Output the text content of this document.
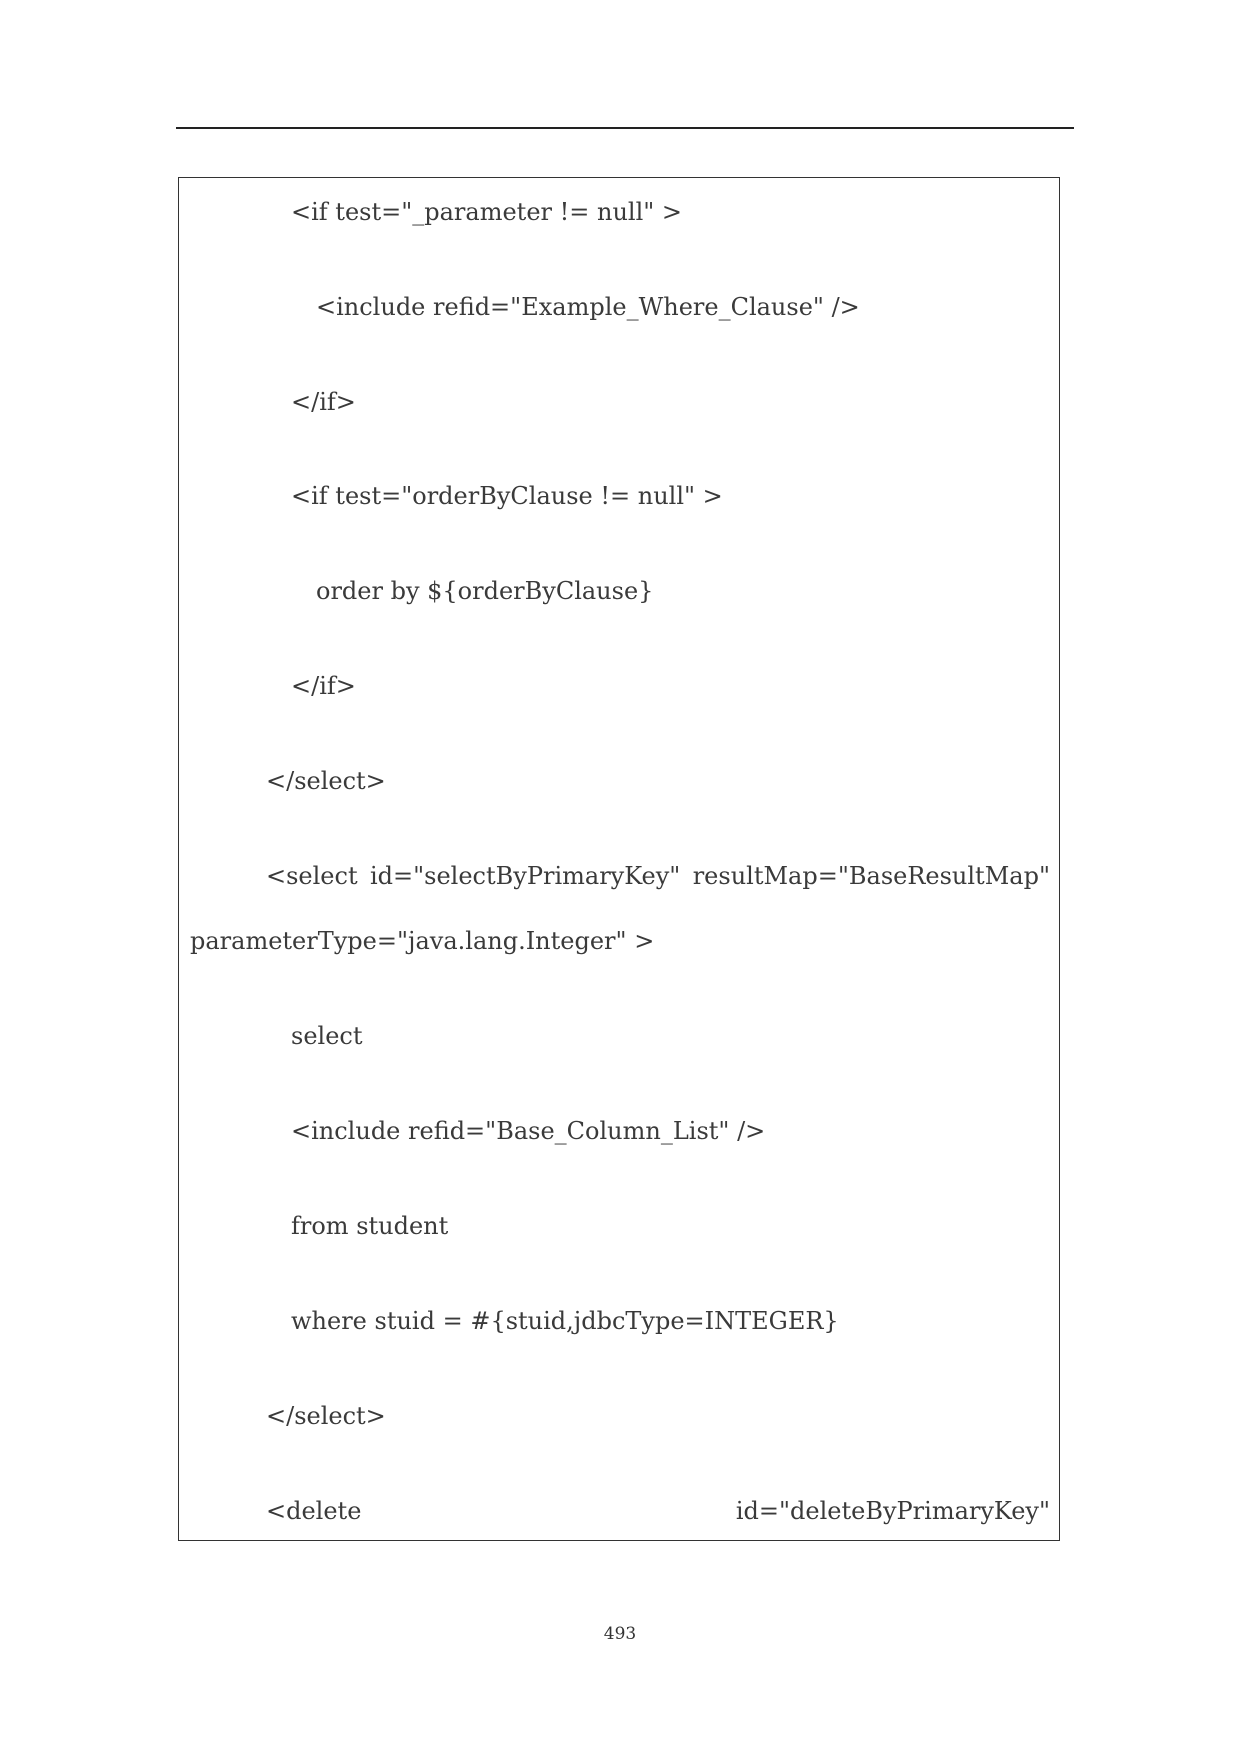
<if test="_parameter != null" >
<include refid="Example_Where_Clause" />
</if>
<if test="orderByClause != null" >
order by ${orderByClause}
</if>
</select>
<select id="selectByPrimaryKey" resultMap="BaseResultMap"
parameterType="java.lang.Integer" >
select
<include refid="Base_Column_List" />
from student
where stuid = #{stuid,jdbcType=INTEGER}
</select>
<delete	id="deleteByPrimaryKey"
493
